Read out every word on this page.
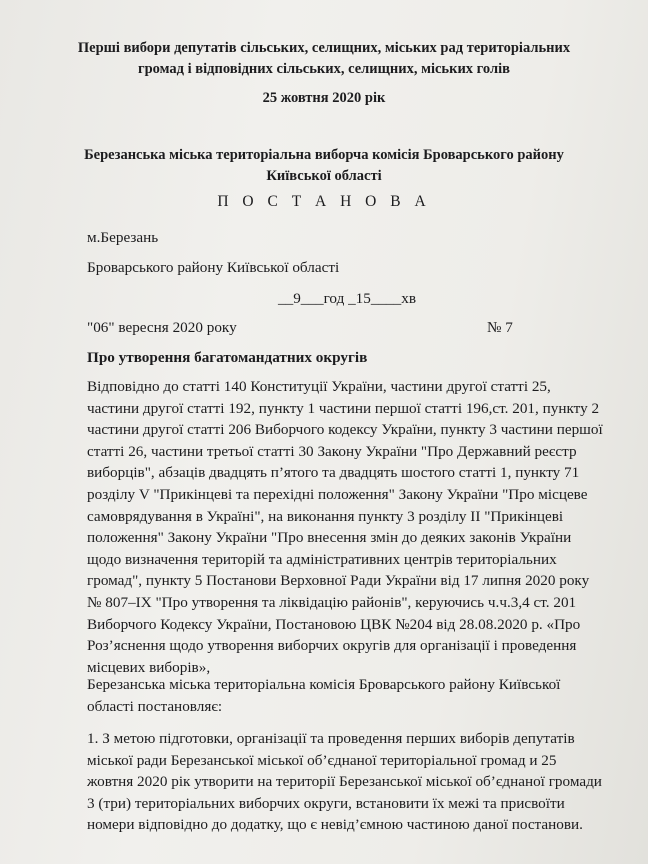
Перші вибори депутатів сільських, селищних, міських рад територіальних
громад і відповідних сільських, селищних, міських голів
25 жовтня 2020 рік
Березанська міська територіальна виборча комісія Броварського району
Київської області
П О С Т А Н О В А
м.Березань
Броварського району Київської області
__9___год _15____хв
"06" вересня 2020 року	№ 7
Про утворення багатомандатних округів
Відповідно до статті 140 Конституції України, частини другої статті 25,
частини другої статті 192, пункту 1 частини першої статті 196,ст. 201, пункту 2
частини другої статті 206 Виборчого кодексу України, пункту 3 частини першої
статті 26, частини третьої статті 30 Закону України "Про Державний реєстр
виборців", абзаців двадцять п’ятого та двадцять шостого статті 1, пункту 71
розділу V "Прикінцеві та перехідні положення" Закону України "Про місцеве
самоврядування в Україні", на виконання пункту 3 розділу II "Прикінцеві
положення" Закону України "Про внесення змін до деяких законів України
щодо визначення територій та адміністративних центрів територіальних
громад", пункту 5 Постанови Верховної Ради України від 17 липня 2020 року
№ 807–IX "Про утворення та ліквідацію районів", керуючись ч.ч.3,4 ст. 201
Виборчого Кодексу України, Постановою ЦВК №204 від 28.08.2020 р. «Про
Роз’яснення щодо утворення виборчих округів для організації і проведення
місцевих виборів»,
Березанська міська територіальна комісія Броварського району Київської
області постановляє:
1. З метою підготовки, організації та проведення перших виборів депутатів
міської ради Березанської міської об’єднаної територіальної громад и 25
жовтня 2020 рік утворити на території Березанської міської об’єднаної громади
3 (три) територіальних виборчих округи, встановити їх межі та присвоїти
номери відповідно до додатку, що є невід’ємною частиною даної постанови.
